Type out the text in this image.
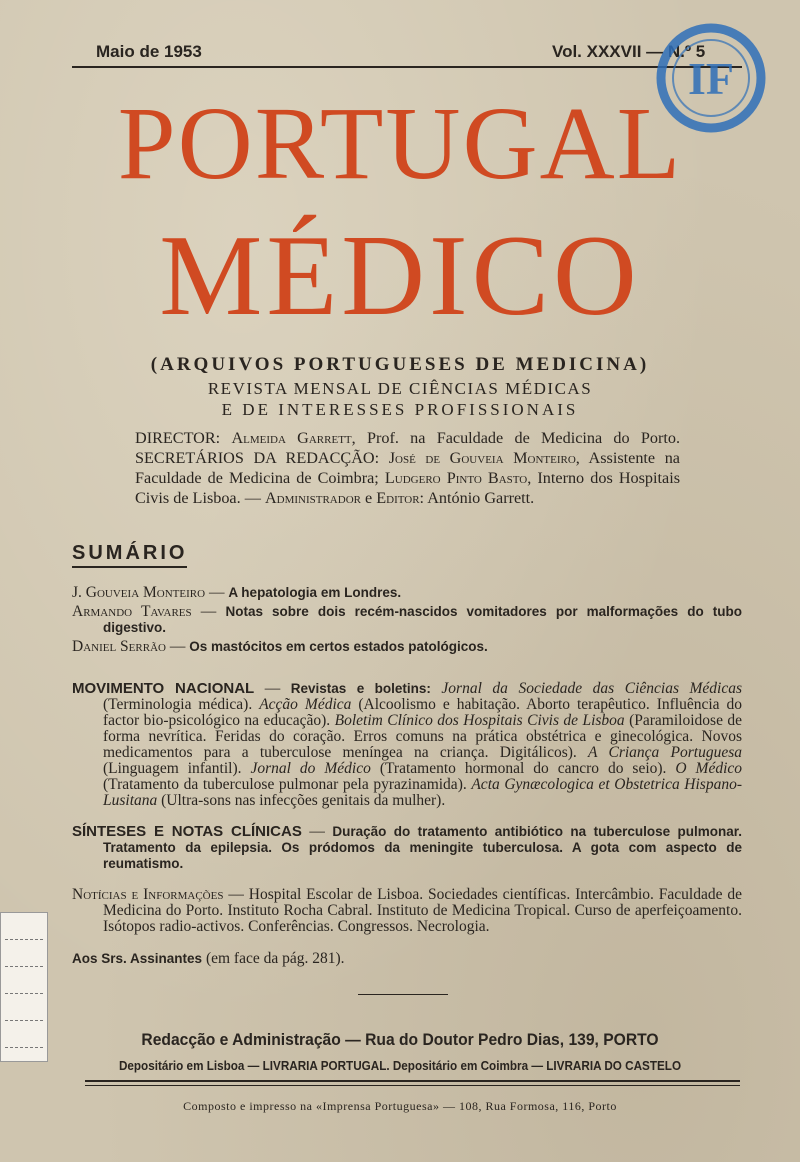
Maio de 1953	Vol. XXXVII — N.º 5
IF
PORTUGAL
MÉDICO
(ARQUIVOS PORTUGUESES DE MEDICINA)
REVISTA MENSAL DE CIÊNCIAS MÉDICAS
E DE INTERESSES PROFISSIONAIS
DIRECTOR: Almeida Garrett, Prof. na Faculdade de Medicina do Porto. SECRETÁRIOS DA REDACÇÃO: José de Gouveia Monteiro, Assistente na Faculdade de Medicina de Coimbra; Ludgero Pinto Basto, Interno dos Hospitais Civis de Lisboa. — Administrador e Editor: António Garrett.
SUMÁRIO
J. Gouveia Monteiro — A hepatologia em Londres.
Armando Tavares — Notas sobre dois recém-nascidos vomitadores por malformações do tubo digestivo.
Daniel Serrão — Os mastócitos em certos estados patológicos.
MOVIMENTO NACIONAL — Revistas e boletins: Jornal da Sociedade das Ciências Médicas (Terminologia médica). Acção Médica (Alcoolismo e habitação. Aborto terapêutico. Influência do factor bio-psicológico na educação). Boletim Clínico dos Hospitais Civis de Lisboa (Paramiloidose de forma nevrítica. Feridas do coração. Erros comuns na prática obstétrica e ginecológica. Novos medicamentos para a tuberculose meníngea na criança. Digitálicos). A Criança Portuguesa (Linguagem infantil). Jornal do Médico (Tratamento hormonal do cancro do seio). O Médico (Tratamento da tuberculose pulmonar pela pyrazinamida). Acta Gynæcologica et Obstetrica Hispano-Lusitana (Ultra-sons nas infecções genitais da mulher).
SÍNTESES E NOTAS CLÍNICAS — Duração do tratamento antibiótico na tuberculose pulmonar. Tratamento da epilepsia. Os pródomos da meningite tuberculosa. A gota com aspecto de reumatismo.
Notícias e Informações — Hospital Escolar de Lisboa. Sociedades científicas. Intercâmbio. Faculdade de Medicina do Porto. Instituto Rocha Cabral. Instituto de Medicina Tropical. Curso de aperfeiçoamento. Isótopos radio-activos. Conferências. Congressos. Necrologia.
Aos Srs. Assinantes (em face da pág. 281).
Redacção e Administração — Rua do Doutor Pedro Dias, 139, PORTO
Depositário em Lisboa — LIVRARIA PORTUGAL. Depositário em Coimbra — LIVRARIA DO CASTELO
Composto e impresso na «Imprensa Portuguesa» — 108, Rua Formosa, 116, Porto
